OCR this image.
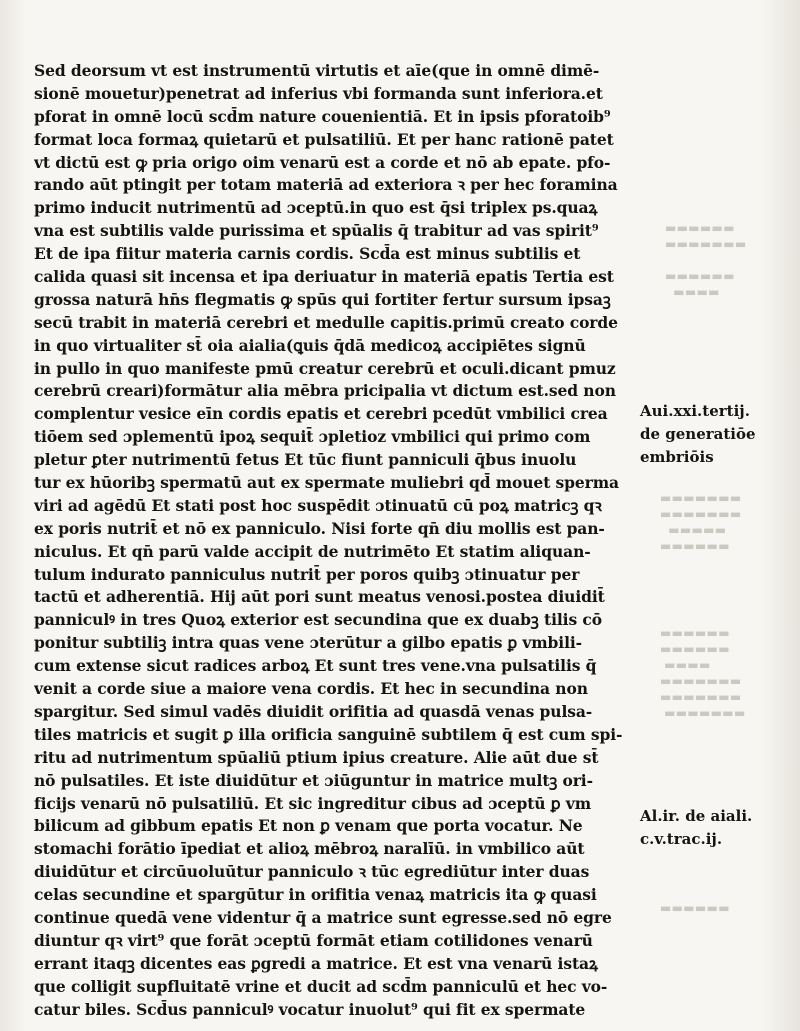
▬▬▬▬▬▬
▬▬▬▬▬▬▬

▬▬▬▬▬▬
▬▬▬▬
▬▬▬▬▬▬▬
▬▬▬▬▬▬▬
▬▬▬▬▬
▬▬▬▬▬▬
▬▬▬▬▬▬
▬▬▬▬▬▬
▬▬▬▬
▬▬▬▬▬▬▬
▬▬▬▬▬▬▬
▬▬▬▬▬▬▬
▬▬▬▬▬▬
Sed deorsum vt est instrumentū virtutis et aīe(que in omnē dimē-
sionē mouetur)penetrat ad inferius vbi formanda sunt inferiora.et
pforat in omnē locū scd̄m nature couenientiā. Et in ipsis pforatoib⁹
format loca formaꝝ quietarū et pulsatiliū. Et per hanc rationē patet
vt dictū est ꝙ pria origo oim venarū est a corde et nō ab epate. pfo-
rando aūt ptingit per totam materiā ad exteriora ꝛ per hec foramina
primo inducit nutrimentū ad ɔceptū.in quo est q̄si triplex ps.quaꝝ
vna est subtilis valde purissima et spūalis q̄ trabitur ad vas spirit⁹
Et de ipa fiitur materia carnis cordis. Scd̄a est minus subtilis et
calida quasi sit incensa et ipa deriuatur in materiā epatis Tertia est
grossa naturā hn̄s flegmatis ꝙ spūs qui fortiter fertur sursum ipsaꝫ
secū trabit in materiā cerebri et medulle capitis.primū creato corde
in quo virtualiter st̄ oia aialia(ꝗuis q̄dā medicoꝝ accipiētes signū
in pullo in quo manifeste pmū creatur cerebrū et oculi.dicant pmuz
cerebrū creari)formātur alia mēbra pricipalia vt dictum est.sed non
complentur vesice eīn cordis epatis et cerebri pcedūt vmbilici crea
tiōem sed ɔplementū ipoꝝ sequit̄ ɔpletioz vmbilici qui primo com
pletur ꝑter nutrimentū fetus Et tūc fiunt panniculi q̄bus inuolu
tur ex hūoribꝫ spermatū aut ex spermate muliebri qd̄ mouet sperma
viri ad agēdū Et stati post hoc suspēdit ɔtinuatū cū poꝝ matricꝫ qꝛ
ex poris nutrit̄ et nō ex panniculo. Nisi forte qn̄ diu mollis est pan-
niculus. Et qn̄ parū valde accipit de nutrimēto Et statim aliquan-
tulum indurato panniculus nutrit̄ per poros quibꝫ ɔtinuatur per
tactū et adherentiā. Hij aūt pori sunt meatus venosi.postea diuidit̄
panniculꝰ in tres Quoꝝ exterior est secundina que ex duabꝫ tilis cō
ponitur subtiliꝫ intra quas vene ɔterūtur a gilbo epatis ꝑ vmbili-
cum extense sicut radices arboꝝ Et sunt tres vene.vna pulsatilis q̄
venit a corde siue a maiore vena cordis. Et hec in secundina non
spargitur. Sed simul vadēs diuidit orifitia ad quasdā venas pulsa-
tiles matricis et sugit ꝑ illa orificia sanguinē subtilem q̄ est cum spi-
ritu ad nutrimentum spūaliū ptium ipius creature. Alie aūt due st̄
nō pulsatiles. Et iste diuidūtur et ɔiūguntur in matrice multꝫ ori-
ficijs venarū nō pulsatiliū. Et sic ingreditur cibus ad ɔceptū ꝑ vm
bilicum ad gibbum epatis Et non ꝑ venam que porta vocatur. Ne
stomachi forātio īpediat et alioꝝ mēbroꝝ naralīū. in vmbilico aūt
diuidūtur et circūuoluūtur panniculo ꝛ tūc egrediūtur inter duas
celas secundine et spargūtur in orifitia venaꝝ matricis ita ꝙ quasi
continue quedā vene videntur q̄ a matrice sunt egresse.sed nō egre
diuntur qꝛ virt⁹ que forāt ɔceptū formāt etiam cotilidones venarū
errant itaqꝫ dicentes eas ꝑgredi a matrice. Et est vna venarū istaꝝ
que colligit supfluitatē vrine et ducit ad scd̄m panniculū et hec vo-
catur biles. Scd̄us panniculꝰ vocatur inuolut⁹ qui fit ex spermate
Aui.xxi.tertij.
de generatiōe
embriōis
Al.ir. de aiali.
c.v.trac.ij.
